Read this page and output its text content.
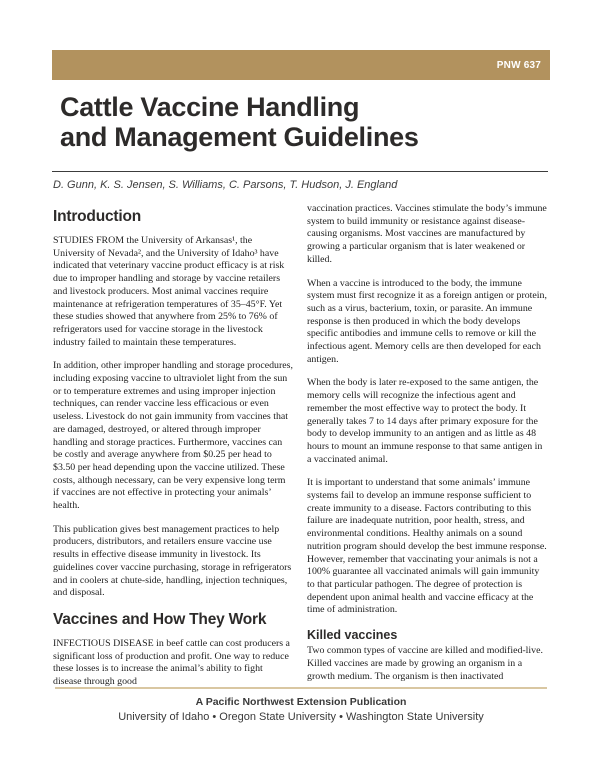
PNW 637
Cattle Vaccine Handling
and Management Guidelines
D. Gunn, K. S. Jensen, S. Williams, C. Parsons, T. Hudson, J. England
Introduction

STUDIES FROM the University of Arkansas¹, the University of Nevada², and the University of Idaho³ have indicated that veterinary vaccine product efficacy is at risk due to improper handling and storage by vaccine retailers and livestock producers. Most animal vaccines require maintenance at refrigeration temperatures of 35–45°F. Yet these studies showed that anywhere from 25% to 76% of refrigerators used for vaccine storage in the livestock industry failed to maintain these temperatures.

In addition, other improper handling and storage procedures, including exposing vaccine to ultraviolet light from the sun or to temperature extremes and using improper injection techniques, can render vaccine less efficacious or even useless. Livestock do not gain immunity from vaccines that are damaged, destroyed, or altered through improper handling and storage practices. Furthermore, vaccines can be costly and average anywhere from $0.25 per head to $3.50 per head depending upon the vaccine utilized. These costs, although necessary, can be very expensive long term if vaccines are not effective in protecting your animals’ health.

This publication gives best management practices to help producers, distributors, and retailers ensure vaccine use results in effective disease immunity in livestock. Its guidelines cover vaccine purchasing, storage in refrigerators and in coolers at chute-side, handling, injection techniques, and disposal.

Vaccines and How They Work

INFECTIOUS DISEASE in beef cattle can cost producers a significant loss of production and profit. One way to reduce these losses is to increase the animal’s ability to fight disease through good

vaccination practices. Vaccines stimulate the body’s immune system to build immunity or resistance against disease-causing organisms. Most vaccines are manufactured by growing a particular organism that is later weakened or killed.

When a vaccine is introduced to the body, the immune system must first recognize it as a foreign antigen or protein, such as a virus, bacterium, toxin, or parasite. An immune response is then produced in which the body develops specific antibodies and immune cells to remove or kill the infectious agent. Memory cells are then developed for each antigen.

When the body is later re-exposed to the same antigen, the memory cells will recognize the infectious agent and remember the most effective way to protect the body. It generally takes 7 to 14 days after primary exposure for the body to develop immunity to an antigen and as little as 48 hours to mount an immune response to that same antigen in a vaccinated animal.

It is important to understand that some animals’ immune systems fail to develop an immune response sufficient to create immunity to a disease. Factors contributing to this failure are inadequate nutrition, poor health, stress, and environmental conditions. Healthy animals on a sound nutrition program should develop the best immune response. However, remember that vaccinating your animals is not a 100% guarantee all vaccinated animals will gain immunity to that particular pathogen. The degree of protection is dependent upon animal health and vaccine efficacy at the time of administration.

Killed vaccines

Two common types of vaccine are killed and modified-live. Killed vaccines are made by growing an organism in a growth medium. The organism is then inactivated

A Pacific Northwest Extension Publication
University of Idaho • Oregon State University • Washington State University
